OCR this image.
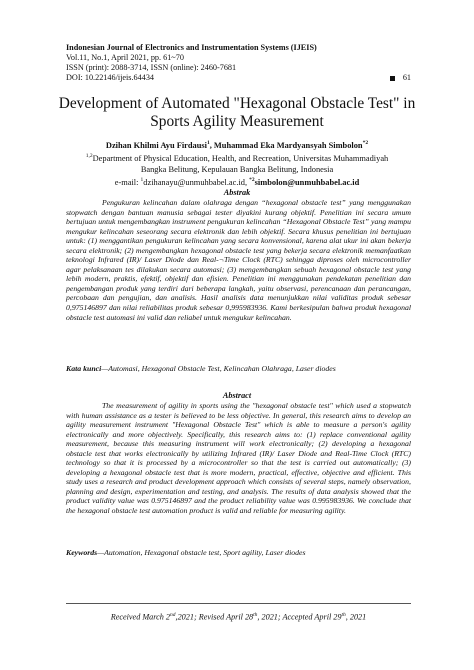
Indonesian Journal of Electronics and Instrumentation Systems (IJEIS)
Vol.11, No.1, April 2021, pp. 61~70
ISSN (print): 2088-3714, ISSN (online): 2460-7681
DOI: 10.22146/ijeis.64434	61
Development of Automated "Hexagonal Obstacle Test" in
Sports Agility Measurement
Dzihan Khilmi Ayu Firdausi$^1$, Muhammad Eka Mardyansyah Simbolon$^{*2}$
$^{1,2}$Department of Physical Education, Health, and Recreation, Universitas Muhammadiyah
Bangka Belitung, Kepulauan Bangka Belitung, Indonesia
e-mail: $^1$dzihanayu@unmuhbabel.ac.id, $^{*2}$simbolon@unmuhbabel.ac.id
Abstrak

Pengukuran kelincahan dalam olahraga dengan “hexagonal obstacle test” yang menggunakan stopwatch dengan bantuan manusia sebagai tester diyakini kurang objektif. Penelitian ini secara umum bertujuan untuk mengembangkan instrument pengukuran kelincahan “Hexagonal Obstacle Test” yang mampu mengukur kelincahan seseorang secara elektronik dan lebih objektif. Secara khusus penelitian ini bertujuan untuk: (1) menggantikan pengukuran kelincahan yang secara konvensional, karena alat ukur ini akan bekerja secara elektronik; (2) mengembangkan hexagonal obstacle test yang bekerja secara elektronik memanfaatkan teknologi Infrared (IR)/ Laser Diode dan Real-¬Time Clock (RTC) sehingga diproses oleh microcontroller agar pelaksanaan tes dilakukan secara automasi; (3) mengembangkan sebuah hexagonal obstacle test yang lebih modern, praktis, efektif, objektif dan efisien. Penelitian ini menggunakan pendekatan penelitian dan pengembangan produk yang terdiri dari beberapa langkah, yaitu observasi, perencanaan dan perancangan, percobaan dan pengujian, dan analisis. Hasil analisis data menunjukkan nilai validitas produk sebesar 0,975146897 dan nilai reliabilitas produk sebesar 0,995983936. Kami berkesipulan bahwa produk hexagonal obstacle test automasi ini valid dan reliabel untuk mengukur kelincahan.

Kata kunci—Automasi, Hexagonal Obstacle Test, Kelincahan Olahraga, Laser diodes
Abstract

The measurement of agility in sports using the "hexagonal obstacle test" which used a stopwatch with human assistance as a tester is believed to be less objective. In general, this research aims to develop an agility measurement instrument "Hexagonal Obstacle Test" which is able to measure a person's agility electronically and more objectively. Specifically, this research aims to: (1) replace conventional agility measurement, because this measuring instrument will work electronically; (2) developing a hexagonal obstacle test that works electronically by utilizing Infrared (IR)/ Laser Diode and Real-Time Clock (RTC) technology so that it is processed by a microcontroller so that the test is carried out automatically; (3) developing a hexagonal obstacle test that is more modern, practical, effective, objective and efficient. This study uses a research and product development approach which consists of several steps, namely observation, planning and design, experimentation and testing, and analysis. The results of data analysis showed that the product validity value was 0.975146897 and the product reliability value was 0.995983936. We conclude that the hexagonal obstacle test automation product is valid and reliable for measuring agility.

Keywords—Automation, Hexagonal obstacle test, Sport agility, Laser diodes
Received March 2nd,2021; Revised April 28th, 2021; Accepted April 29th, 2021
